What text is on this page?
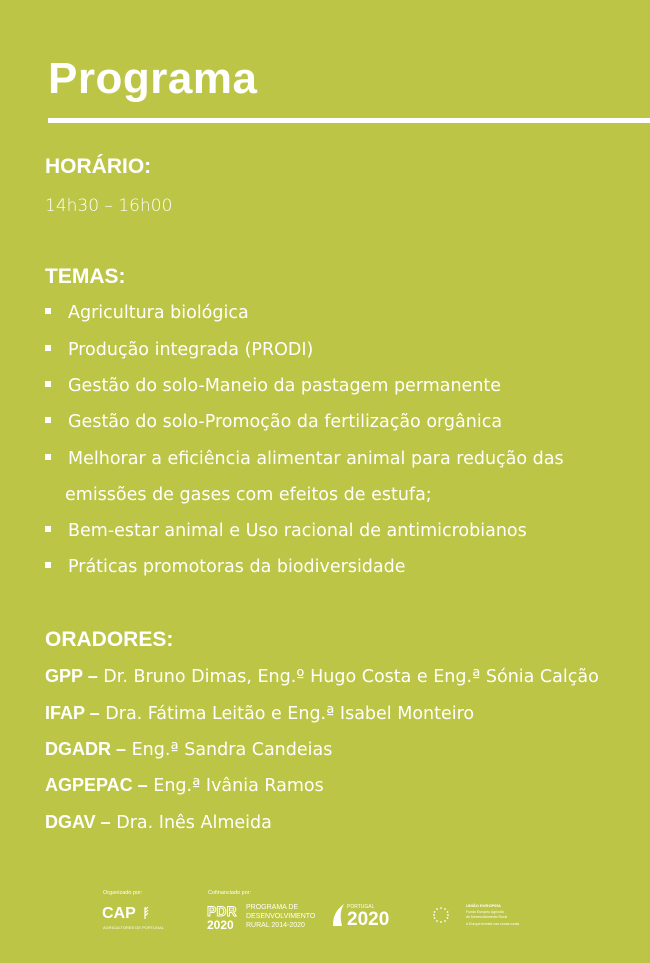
Programa
HORÁRIO:
14h30 – 16h00
TEMAS:
Agricultura biológica
Produção integrada (PRODI)
Gestão do solo-Maneio da pastagem permanente
Gestão do solo-Promoção da fertilização orgânica
Melhorar a eficiência alimentar animal para redução das
emissões de gases com efeitos de estufa;
Bem-estar animal e Uso racional de antimicrobianos
Práticas promotoras da biodiversidade
ORADORES:
GPP – Dr. Bruno Dimas, Eng.º Hugo Costa e Eng.ª Sónia Calção
IFAP – Dra. Fátima Leitão e Eng.ª Isabel Monteiro
DGADR – Eng.ª Sandra Candeias
AGPEPAC – Eng.ª Ivânia Ramos
DGAV – Dra. Inês Almeida
Organizado por:
CAP
AGRICULTORES DE PORTUGAL
Cofinanciado por:
PDR
2020
PROGRAMA DE
DESENVOLVIMENTO
RURAL 2014-2020
PORTUGAL
2020
UNIÃO EUROPEIA
Fundo Europeu Agrícola
de Desenvolvimento Rural
A Europa investe nas zonas rurais
